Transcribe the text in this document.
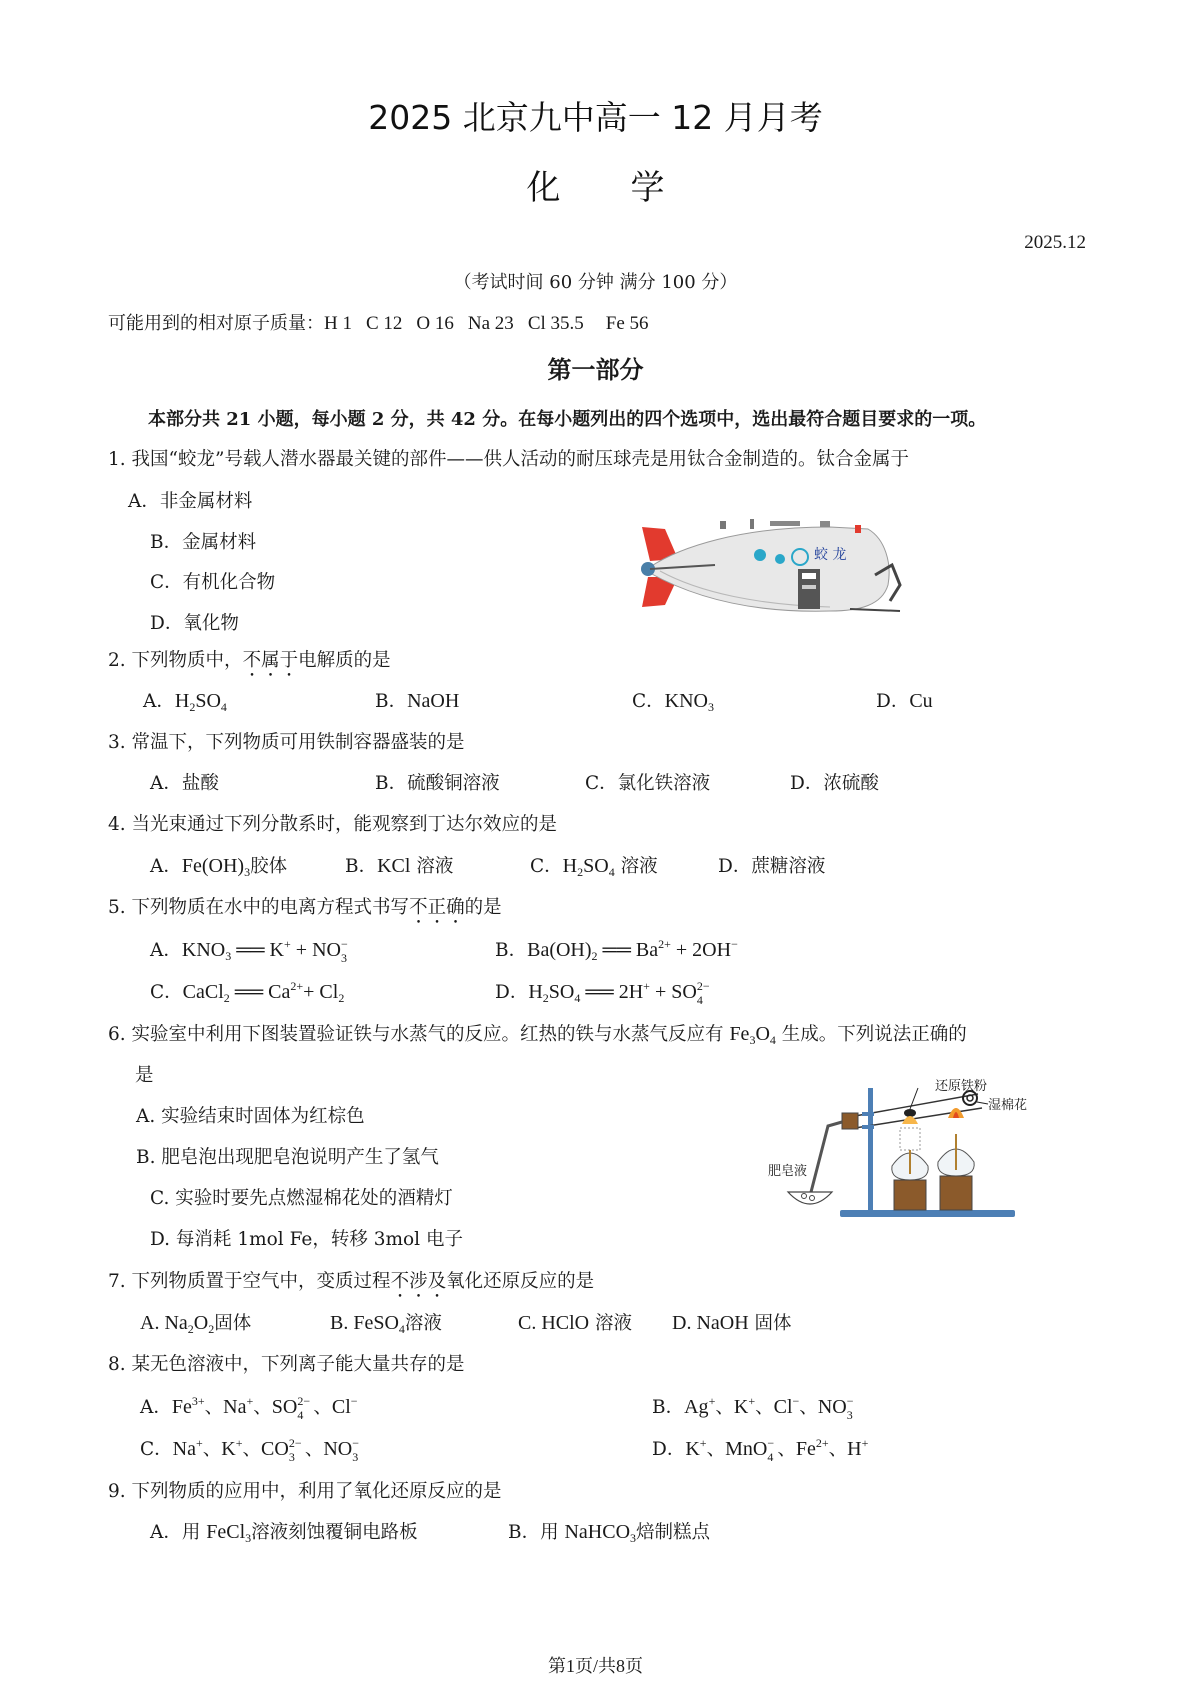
2025 北京九中高一 12 月月考
化 学
2025.12
（考试时间 60 分钟 满分 100 分）
可能用到的相对原子质量：H 1 C 12 O 16 Na 23 Cl 35.5 Fe 56
第一部分
本部分共 21 小题，每小题 2 分，共 42 分。在每小题列出的四个选项中，选出最符合题目要求的一项。
1. 我国“蛟龙”号载人潜水器最关键的部件——供人活动的耐压球壳是用钛合金制造的。钛合金属于
A．非金属材料
B．金属材料
C．有机化合物
D．氧化物
蛟 龙
2. 下列物质中，不属于电解质的是
A．$H_2SO_4$	B．NaOH	C．$KNO_3$	D．Cu
3. 常温下，下列物质可用铁制容器盛装的是
A．盐酸	B．硫酸铜溶液	C．氯化铁溶液	D．浓硫酸
4. 当光束通过下列分散系时，能观察到丁达尔效应的是
A．$Fe(OH)_3$胶体	B．KCl 溶液	C．$H_2SO_4$ 溶液	D．蔗糖溶液
5. 下列物质在水中的电离方程式书写不正确的是
A．$KNO_3$ ══ K+ + NO −
3	B．$Ba(OH)_2$ ══ $Ba^{2+} + 2OH^-$
C．CaCl$_2$ ══ $Ca^{2+}+ Cl_2$	D．$H_2SO_4$ ══ 2H+ + SO 2−
4
6. 实验室中利用下图装置验证铁与水蒸气的反应。红热的铁与水蒸气反应有 $Fe_3O_4$ 生成。下列说法正确的
是
A. 实验结束时固体为红棕色
B. 肥皂泡出现肥皂泡说明产生了氢气
C. 实验时要先点燃湿棉花处的酒精灯
D. 每消耗 1mol Fe，转移 3mol 电子
还原铁粉
湿棉花
肥皂液
7. 下列物质置于空气中，变质过程不涉及氧化还原反应的是
A. $Na_2O_2$固体	B. FeSO$_4$溶液	C. HClO 溶液 D. NaOH 固体
8. 某无色溶液中，下列离子能大量共存的是
A．$Fe^{3+}$、Na+、SO 2−
4 、Cl−	B．Ag+、K+、Cl−、NO −
3
C．Na+、K+、CO 2−
3 、NO −
3	D．K+、MnO −
4 、$Fe^{2+}$、H+
9. 下列物质的应用中，利用了氧化还原反应的是
A．用 FeCl$_3$溶液刻蚀覆铜电路板	B．用 NaHCO$_3$焙制糕点
第1页/共8页
